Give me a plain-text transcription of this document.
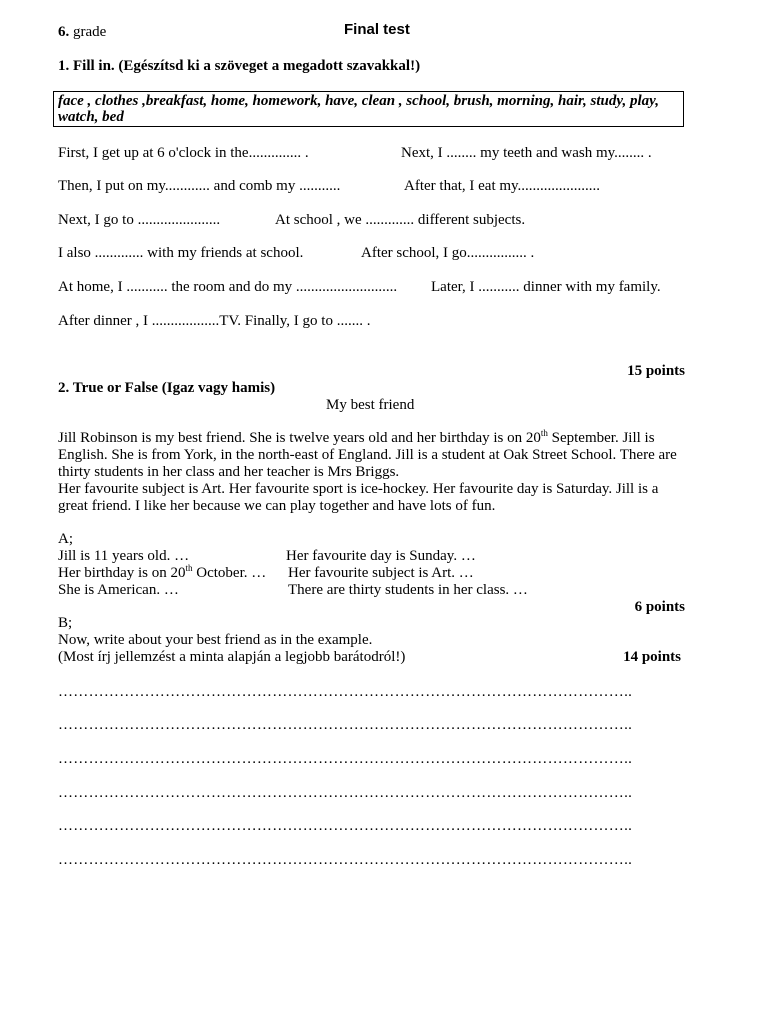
6. grade	Final test
1. Fill in. (Egészítsd ki a szöveget a megadott szavakkal!)
face , clothes ,breakfast, home, homework, have, clean , school, brush, morning, hair, study, play,
watch, bed
First, I get up at 6 o'clock in the.............. .	Next, I ........ my teeth and wash my........ .
Then, I put on my............ and comb my ...........	After that, I eat my......................
Next, I go to ......................	At school , we ............. different subjects.
I also ............. with my friends at school.	After school, I go................ .
At home, I ........... the room and do my ........................... Later, I ........... dinner with my family.
After dinner , I ..................TV. Finally, I go to ....... .
15 points
2. True or False (Igaz vagy hamis)
My best friend
Jill Robinson is my best friend. She is twelve years old and her birthday is on 20th September. Jill is English. She is from York, in the north-east of England. Jill is a student at Oak Street School. There are thirty students in her class and her teacher is Mrs Briggs.
Her favourite subject is Art. Her favourite sport is ice-hockey. Her favourite day is Saturday. Jill is a great friend. I like her because we can play together and have lots of fun.
A;
Jill is 11 years old. …	Her favourite day is Sunday. …
Her birthday is on 20th October. … Her favourite subject is Art. …
She is American. …	There are thirty students in her class. …
6 points
B;
Now, write about your best friend as in the example.
(Most írj jellemzést a minta alapján a legjobb barátodról!)	14 points
…………………………………………………………………………………………………..
…………………………………………………………………………………………………..
…………………………………………………………………………………………………..
…………………………………………………………………………………………………..
…………………………………………………………………………………………………..
…………………………………………………………………………………………………..
